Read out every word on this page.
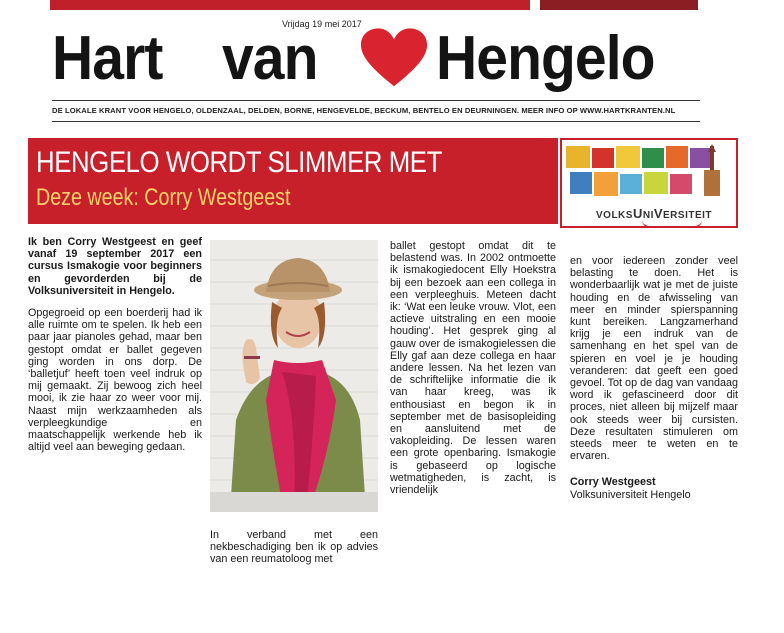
Vrijdag 19 mei 2017
Hart van	Hengelo
DE LOKALE KRANT VOOR HENGELO, OLDENZAAL, DELDEN, BORNE, HENGEVELDE, BECKUM, BENTELO EN DEURNINGEN. MEER INFO OP WWW.HARTKRANTEN.NL
HENGELO WORDT SLIMMER MET
Deze week: Corry Westgeest
VOLKSUNIVERSITEIT

Ik ben Corry Westgeest en geef vanaf 19 september 2017 een cursus Ismakogie voor beginners en gevorderden bij de Volksuniversiteit in Hengelo.

Opgegroeid op een boerderij had ik alle ruimte om te spelen. Ik heb een paar jaar pianoles gehad, maar ben gestopt omdat er ballet gegeven ging worden in ons dorp. De ‘balletjuf’ heeft toen veel indruk op mij gemaakt. Zij bewoog zich heel mooi, ik zie haar zo weer voor mij. Naast mijn werkzaamheden als verpleegkundige en maatschappelijk werkende heb ik altijd veel aan beweging gedaan.

In verband met een nekbeschadiging ben ik op advies van een reumatoloog met

ballet gestopt omdat dit te belastend was. In 2002 ontmoette ik ismakogiedocent Elly Hoekstra bij een bezoek aan een collega in een verpleeghuis. Meteen dacht ik: ‘Wat een leuke vrouw. Vlot, een actieve uitstraling en een mooie houding’. Het gesprek ging al gauw over de ismakogielessen die Elly gaf aan deze collega en haar andere lessen. Na het lezen van de schriftelijke informatie die ik van haar kreeg, was ik enthousiast en begon ik in september met de basisopleiding en aansluitend met de vakopleiding. De lessen waren een grote openbaring. Ismakogie is gebaseerd op logische wetmatigheden, is zacht, is vriendelijk

en voor iedereen zonder veel belasting te doen. Het is wonderbaarlijk wat je met de juiste houding en de afwisseling van meer en minder spierspanning kunt bereiken. Langzamerhand krijg je een indruk van de samenhang en het spel van de spieren en voel je je houding veranderen: dat geeft een goed gevoel. Tot op de dag van vandaag word ik gefascineerd door dit proces, niet alleen bij mijzelf maar ook steeds weer bij cursisten. Deze resultaten stimuleren om steeds meer te weten en te ervaren.

Corry Westgeest

Volksuniversiteit Hengelo
